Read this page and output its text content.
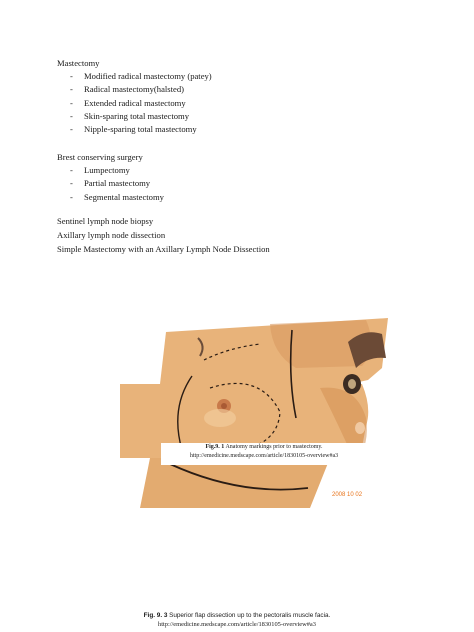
Mastectomy
- Modified radical mastectomy (patey)
- Radical mastectomy(halsted)
- Extended radical mastectomy
- Skin-sparing total mastectomy
- Nipple-sparing total mastectomy
Brest conserving surgery
- Lumpectomy
- Partial mastectomy
- Segmental mastectomy
Sentinel lymph node biopsy
Axillary lymph node dissection
Simple Mastectomy with an Axillary Lymph Node Dissection
2008 10 02
Fig.9. 1 Anatomy markings prior to mastectomy.
http://emedicine.medscape.com/article/1830105-overview#a3
Fig. 9. 3 Superior flap dissection up to the pectoralis muscle facia.
http://emedicine.medscape.com/article/1830105-overview#a3
